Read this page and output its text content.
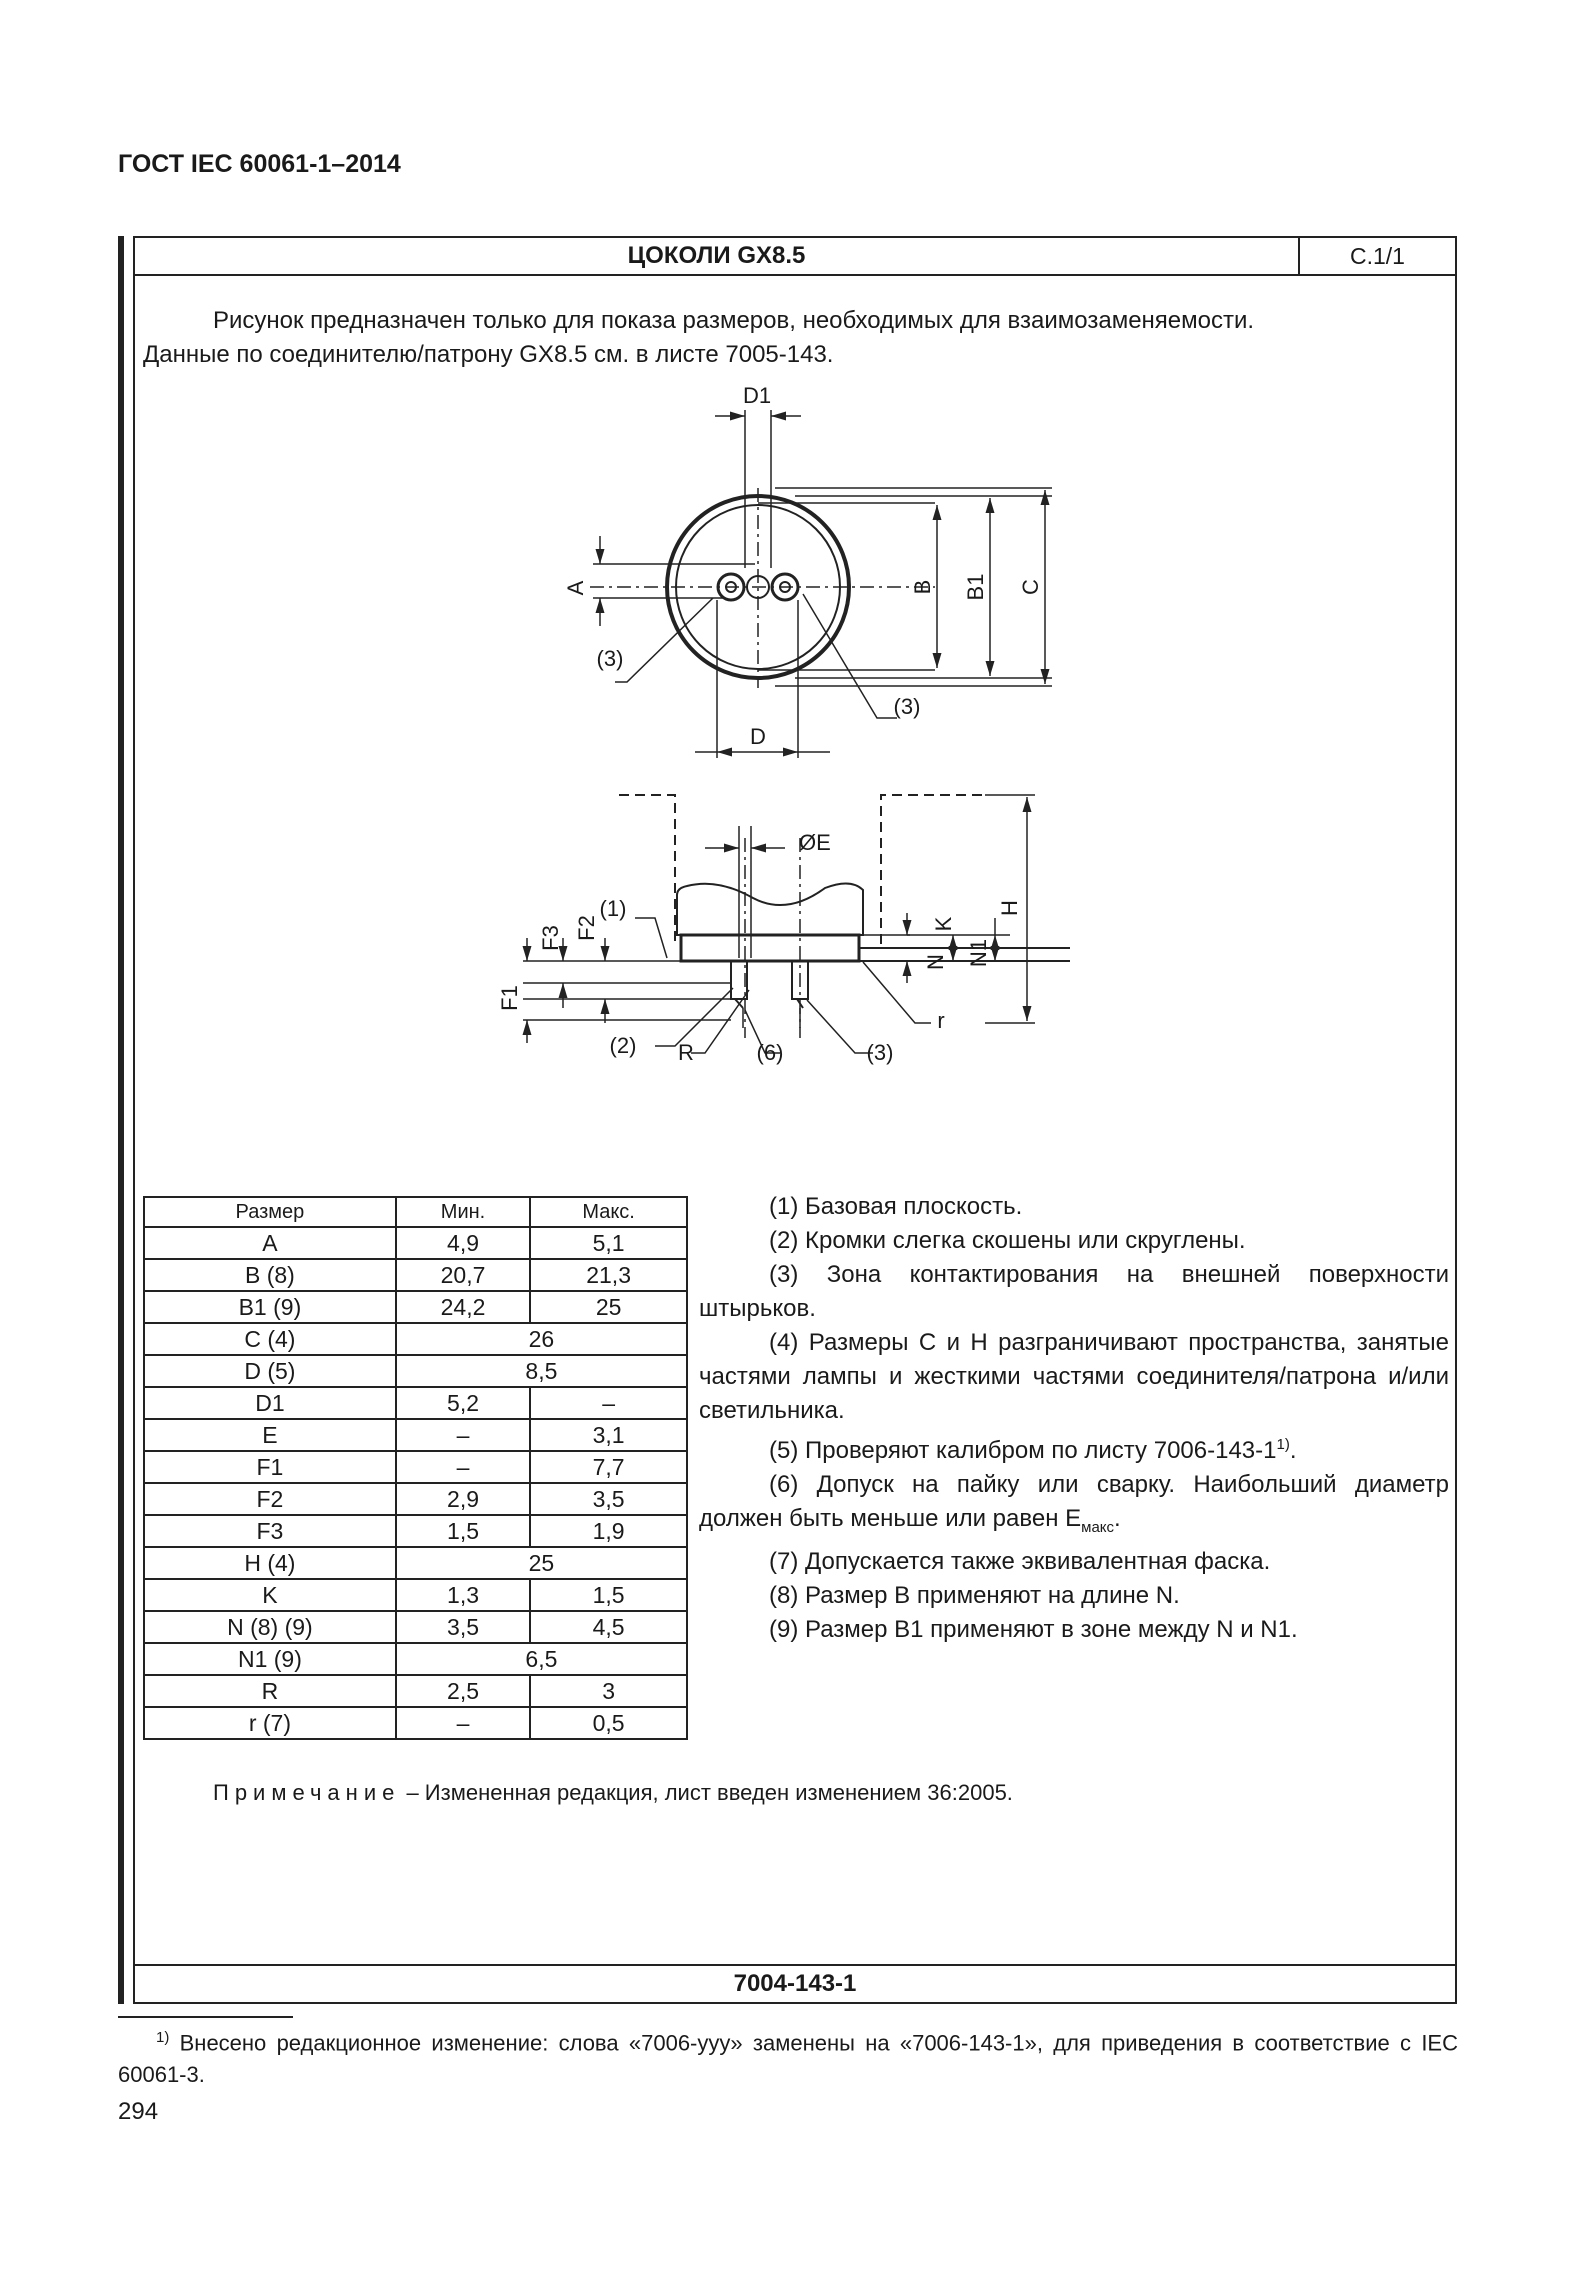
ГОСТ IEC 60061-1–2014
ЦОКОЛИ GX8.5	С.1/1

Рисунок предназначен только для показа размеров, необходимых для взаимозаменяемости.

Данные по соединителю/патрону GX8.5 см. в листе 7005-143.
D1
A	B B1 C
D
(3)
(3)
ØE
(1)	H
K
N N1
F1
F2
F3
(2) R	(6)	(3)
r
Размер	Мин.	Макс.
A	4,9	5,1
B (8)	20,7	21,3
B1 (9)	24,2	25
C (4)	26	
D (5)	8,5	
D1	5,2	–
E	–	3,1
F1	–	7,7
F2	2,9	3,5
F3	1,5	1,9
H (4)	25	
K	1,3	1,5
N (8) (9)	3,5	4,5
N1 (9)	6,5	
R	2,5	3
r (7)	–	0,5

(1) Базовая плоскость.

(2) Кромки слегка скошены или скруглены.

(3) Зона контактирования на внешней поверхности штырьков.

(4) Размеры С и Н разграничивают пространства, занятые частями лампы и жесткими частями соединителя/патрона и/или светильника.

(5) Проверяют калибром по листу 7006-143-1$^{1)}$.

(6) Допуск на пайку или сварку. Наибольший диаметр должен быть меньше или равен $E_{макс}$.

(7) Допускается также эквивалентная фаска.

(8) Размер B применяют на длине N.

(9) Размер B1 применяют в зоне между N и N1.

Примечание – Измененная редакция, лист введен изменением 36:2005.
7004-143-1

$^{1)}$ Внесено редакционное изменение: слова «7006-yyy» заменены на «7006-143-1», для приведения в соответствие с IEC 60061-3.

294
